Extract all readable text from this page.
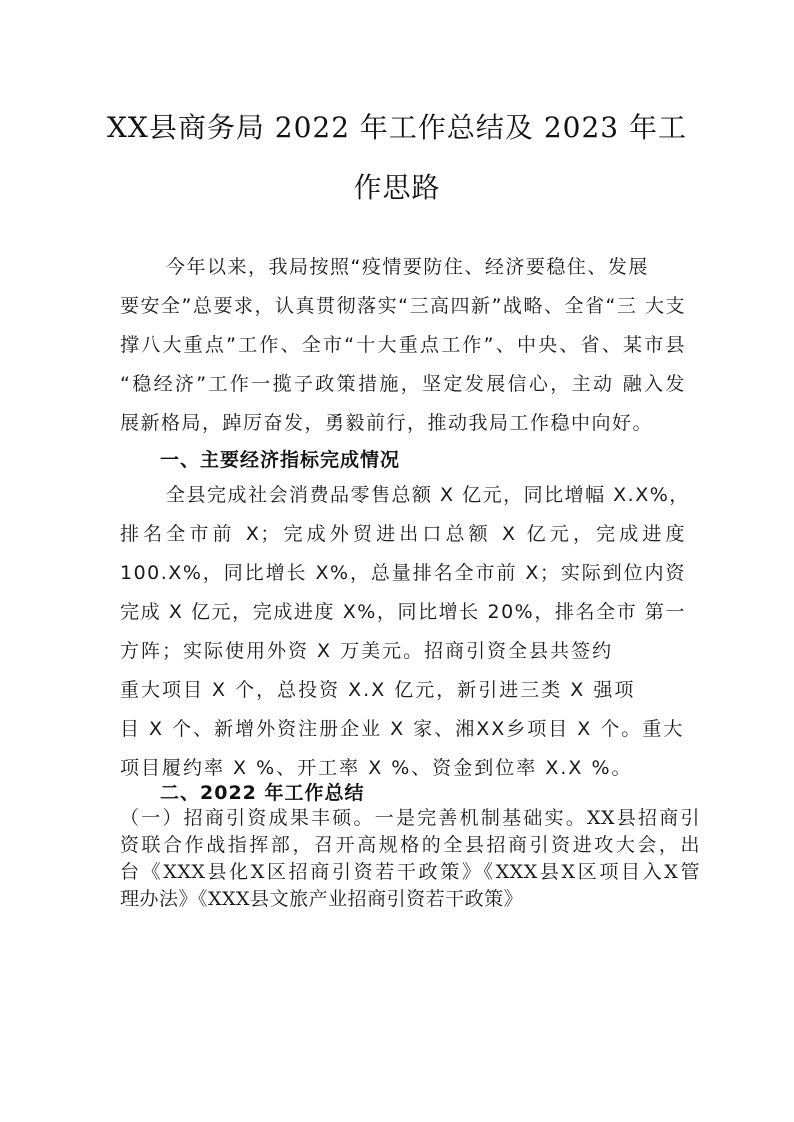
XX县商务局 2022 年工作总结及 2023 年工
作思路
今年以来，我局按照“疫情要防住、经济要稳住、发展
要安全”总要求，认真贯彻落实“三高四新”战略、全省“三 大支
撑八大重点”工作、全市“十大重点工作”、中央、省、某市县
“稳经济”工作一揽子政策措施，坚定发展信心，主动 融入发
展新格局，踔厉奋发，勇毅前行，推动我局工作稳中向好。
一、主要经济指标完成情况
全县完成社会消费品零售总额 X 亿元，同比增幅 X.X%，
排名全市前 X；完成外贸进出口总额 X 亿元，完成进度
100.X%，同比增长 X%，总量排名全市前 X；实际到位内资
完成 X 亿元，完成进度 X%，同比增长 20%，排名全市 第一
方阵；实际使用外资 X 万美元。招商引资全县共签约
重大项目 X 个，总投资 X.X 亿元，新引进三类 X 强项
目 X 个、新增外资注册企业 X 家、湘XX乡项目 X 个。重大
项目履约率 X %、开工率 X %、资金到位率 X.X %。
二、2022 年工作总结
（一）招商引资成果丰硕。一是完善机制基础实。XX县招商引
资联合作战指挥部，召开高规格的全县招商引资进攻大会，出
台《XXX县化X区招商引资若干政策》《XXX县X区项目入X管
理办法》《XXX县文旅产业招商引资若干政策》
